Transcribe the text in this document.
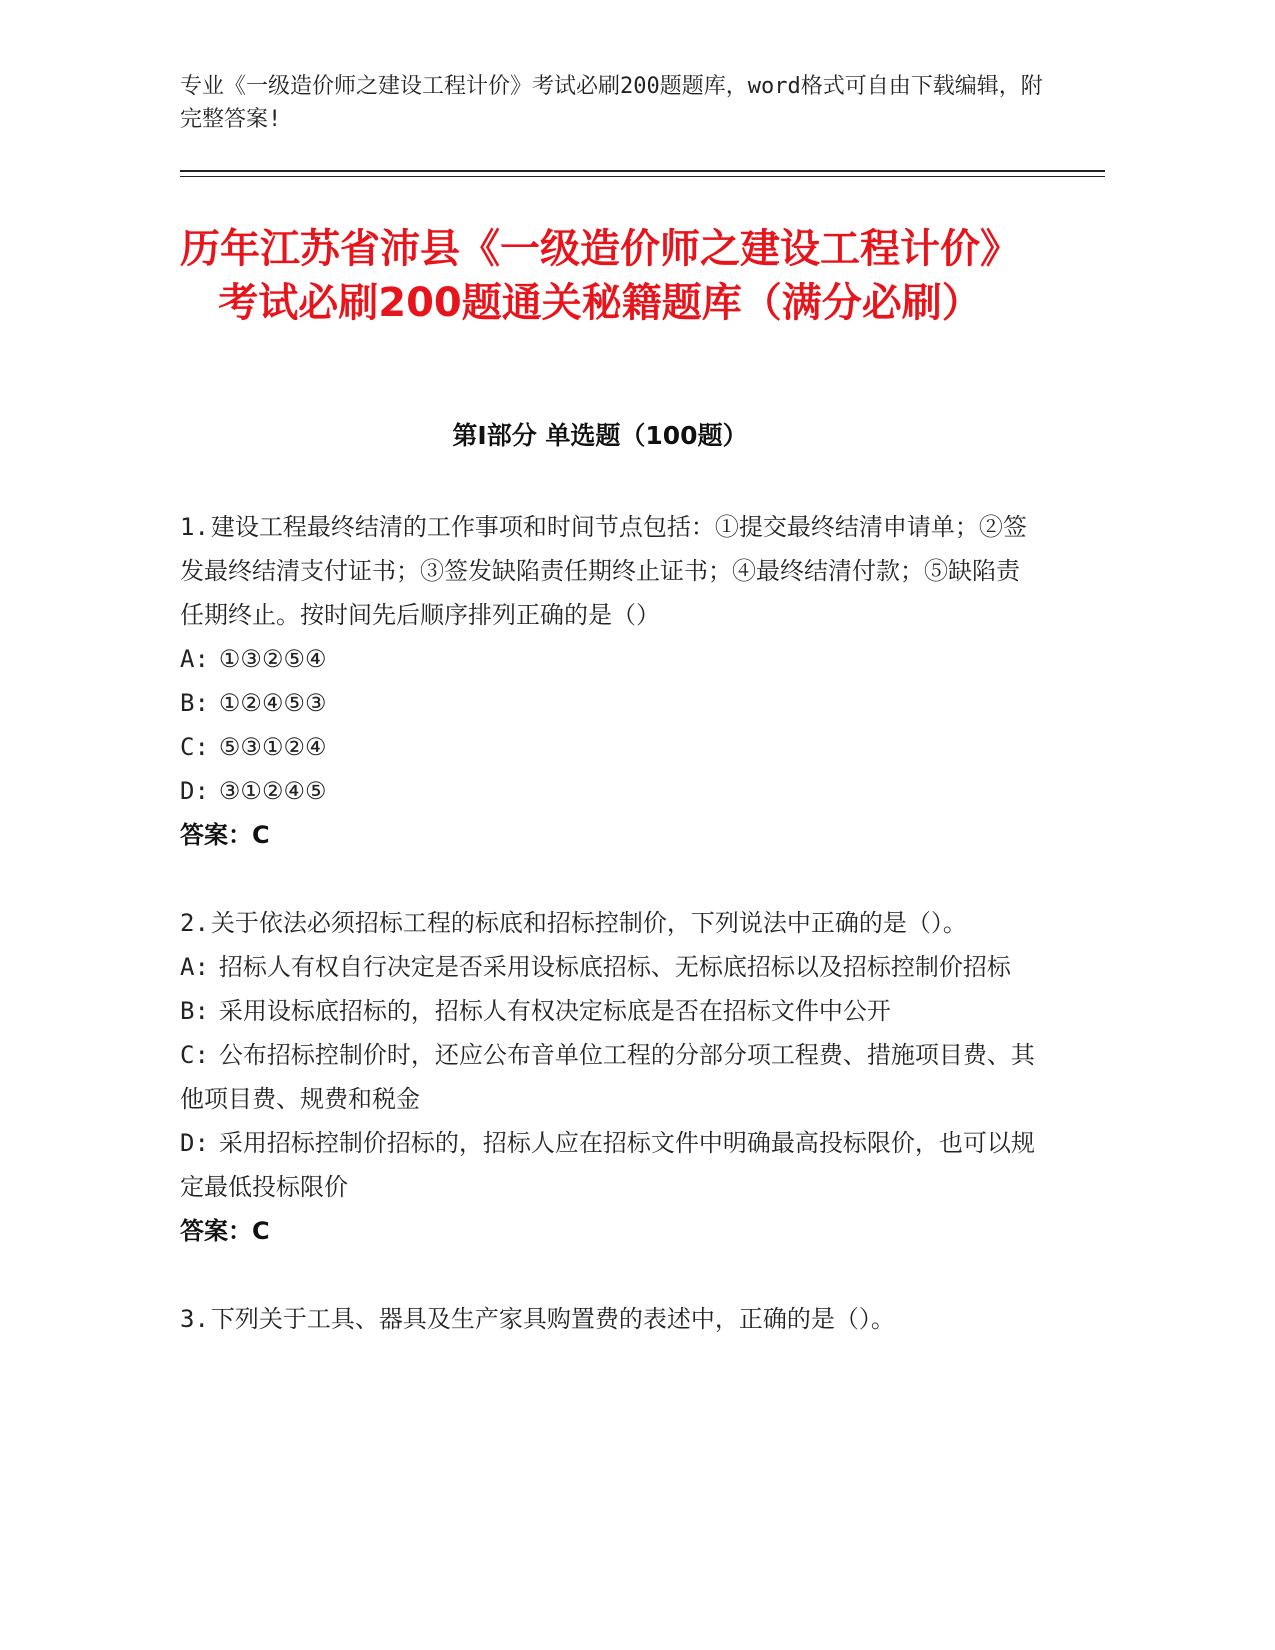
专业《一级造价师之建设工程计价》考试必刷200题题库，word格式可自由下载编辑，附完整答案!

历年江苏省沛县《一级造价师之建设工程计价》考试必刷200题通关秘籍题库（满分必刷）
第Ⅰ部分 单选题（100题）

1.建设工程最终结清的工作事项和时间节点包括：①提交最终结清申请单；②签发最终结清支付证书；③签发缺陷责任期终止证书；④最终结清付款；⑤缺陷责任期终止。按时间先后顺序排列正确的是（）

A: ①③②⑤④

B: ①②④⑤③

C: ⑤③①②④

D: ③①②④⑤

答案：C

2.关于依法必须招标工程的标底和招标控制价，下列说法中正确的是（）。

A: 招标人有权自行决定是否采用设标底招标、无标底招标以及招标控制价招标

B: 采用设标底招标的，招标人有权决定标底是否在招标文件中公开

C: 公布招标控制价时，还应公布音单位工程的分部分项工程费、措施项目费、其他项目费、规费和税金

D: 采用招标控制价招标的，招标人应在招标文件中明确最高投标限价，也可以规定最低投标限价

答案：C

3.下列关于工具、器具及生产家具购置费的表述中，正确的是（）。
